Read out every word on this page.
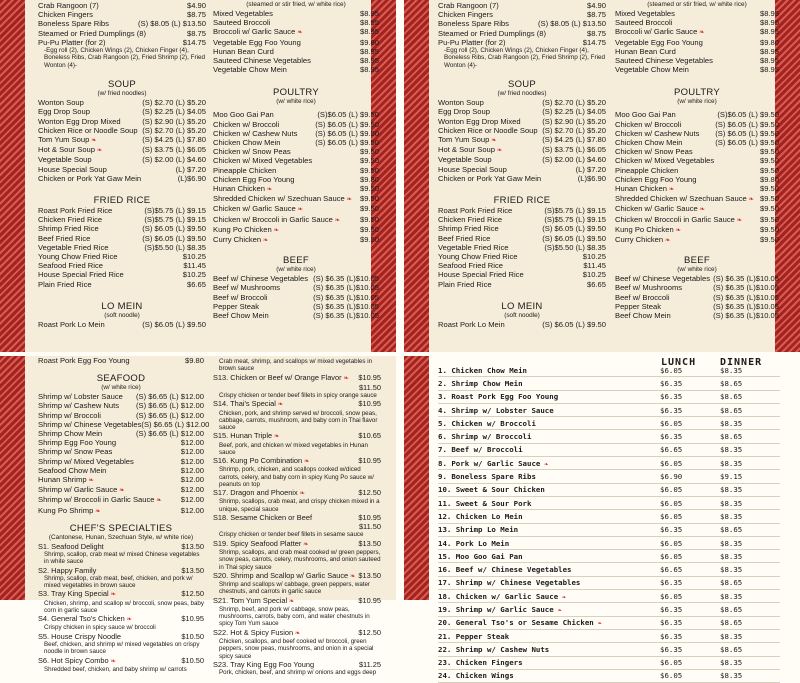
Crab Rangoon (7)	$4.90
Chicken Fingers	$8.75
Boneless Spare Ribs	(S) $8.05 (L) $13.50
Steamed or Fried Dumplings (8)	$8.75
Pu-Pu Platter (for 2)	$14.75
-Egg roll (2), Chicken Wings (2), Chicken Finger (4), Boneless Ribs, Crab Rangoon (2), Fried Shrimp (2), Fried Wonton (4)-
SOUP
(w/ fried noodles)
Wonton Soup	(S) $2.70 (L) $5.20
Egg Drop Soup	(S) $2.25 (L) $4.05
Wonton Egg Drop Mixed	(S) $2.90 (L) $5.20
Chicken Rice or Noodle Soup (S) $2.70 (L) $5.20
Tom Yum Soup ❧	(S) $4.25 (L) $7.80
Hot & Sour Soup ❧	(S) $3.75 (L) $6.05
Vegetable Soup	(S) $2.00 (L) $4.60
House Special Soup	(L) $7.20
Chicken or Pork Yat Gaw Mein	(L)$6.90
FRIED RICE
Roast Pork Fried Rice	(S)$5.75 (L) $9.15
Chicken Fried Rice	(S)$5.75 (L) $9.15
Shrimp Fried Rice	(S) $6.05 (L) $9.50
Beef Fried Rice	(S) $6.05 (L) $9.50
Vegetable Fried Rice	(S)$5.50 (L) $8.35
Young Chow Fried Rice	$10.25
Seafood Fried Rice	$11.45
House Special Fried Rice	$10.25
Plain Fried Rice	$6.65
LO MEIN
(soft noodle)
Roast Pork Lo Mein	(S) $6.05 (L) $9.50
(steamed or stir fried, w/ white rice)
Mixed Vegetables	$8.95
Sauteed Broccoli	$8.95
Broccoli w/ Garlic Sauce ❧	$8.95
Vegetable Egg Foo Young	$9.80
Hunan Bean Curd	$8.95
Sauteed Chinese Vegetables	$8.95
Vegetable Chow Mein	$8.95
POULTRY
(w/ white rice)
Moo Goo Gai Pan	(S)$6.05 (L) $9.50
Chicken w/ Broccoli	(S) $6.05 (L) $9.50
Chicken w/ Cashew Nuts (S) $6.05 (L) $9.50
Chicken Chow Mein	(S) $6.05 (L) $9.50
Chicken w/ Snow Peas	$9.50
Chicken w/ Mixed Vegetables	$9.50
Pineapple Chicken	$9.50
Chicken Egg Foo Young	$9.80
Hunan Chicken ❧	$9.50
Shredded Chicken w/ Szechuan Sauce ❧ $9.50
Chicken w/ Garlic Sauce ❧	$9.50
Chicken w/ Broccoli in Garlic Sauce ❧	$9.50
Kung Po Chicken ❧	$9.50
Curry Chicken ❧	$9.50
BEEF
(w/ white rice)
Beef w/ Chinese Vegetables (S) $6.35 (L)$10.05
Beef w/ Mushrooms	(S) $6.35 (L)$10.05
Beef w/ Broccoli	(S) $6.35 (L)$10.05
Pepper Steak	(S) $6.35 (L)$10.05
Beef Chow Mein	(S) $6.35 (L)$10.05
Crab Rangoon (7)	$4.90
Chicken Fingers	$8.75
Boneless Spare Ribs	(S) $8.05 (L) $13.50
Steamed or Fried Dumplings (8)	$8.75
Pu-Pu Platter (for 2)	$14.75
-Egg roll (2), Chicken Wings (2), Chicken Finger (4), Boneless Ribs, Crab Rangoon (2), Fried Shrimp (2), Fried Wonton (4)-
SOUP
(w/ fried noodles)
Wonton Soup	(S) $2.70 (L) $5.20
Egg Drop Soup	(S) $2.25 (L) $4.05
Wonton Egg Drop Mixed	(S) $2.90 (L) $5.20
Chicken Rice or Noodle Soup (S) $2.70 (L) $5.20
Tom Yum Soup ❧	(S) $4.25 (L) $7.80
Hot & Sour Soup ❧	(S) $3.75 (L) $6.05
Vegetable Soup	(S) $2.00 (L) $4.60
House Special Soup	(L) $7.20
Chicken or Pork Yat Gaw Mein	(L)$6.90
FRIED RICE
Roast Pork Fried Rice	(S)$5.75 (L) $9.15
Chicken Fried Rice	(S)$5.75 (L) $9.15
Shrimp Fried Rice	(S) $6.05 (L) $9.50
Beef Fried Rice	(S) $6.05 (L) $9.50
Vegetable Fried Rice	(S)$5.50 (L) $8.35
Young Chow Fried Rice	$10.25
Seafood Fried Rice	$11.45
House Special Fried Rice	$10.25
Plain Fried Rice	$6.65
LO MEIN
(soft noodle)
Roast Pork Lo Mein	(S) $6.05 (L) $9.50
(steamed or stir fried, w/ white rice)
Mixed Vegetables	$8.95
Sauteed Broccoli	$8.95
Broccoli w/ Garlic Sauce ❧	$8.95
Vegetable Egg Foo Young	$9.80
Hunan Bean Curd	$8.95
Sauteed Chinese Vegetables	$8.95
Vegetable Chow Mein	$8.95
POULTRY
(w/ white rice)
Moo Goo Gai Pan	(S)$6.05 (L) $9.50
Chicken w/ Broccoli	(S) $6.05 (L) $9.50
Chicken w/ Cashew Nuts (S) $6.05 (L) $9.50
Chicken Chow Mein	(S) $6.05 (L) $9.50
Chicken w/ Snow Peas	$9.50
Chicken w/ Mixed Vegetables	$9.50
Pineapple Chicken	$9.50
Chicken Egg Foo Young	$9.80
Hunan Chicken ❧	$9.50
Shredded Chicken w/ Szechuan Sauce ❧ $9.50
Chicken w/ Garlic Sauce ❧	$9.50
Chicken w/ Broccoli in Garlic Sauce ❧ $9.50
Kung Po Chicken ❧	$9.50
Curry Chicken ❧	$9.50
BEEF
(w/ white rice)
Beef w/ Chinese Vegetables (S) $6.35 (L)$10.05
Beef w/ Mushrooms	(S) $6.35 (L)$10.05
Beef w/ Broccoli	(S) $6.35 (L)$10.05
Pepper Steak	(S) $6.35 (L)$10.05
Beef Chow Mein	(S) $6.35 (L)$10.05
Roast Pork Egg Foo Young	$9.80
SEAFOOD
(w/ white rice)
Shrimp w/ Lobster Sauce (S) $6.65 (L) $12.00
Shrimp w/ Cashew Nuts (S) $6.65 (L) $12.00
Shrimp w/ Broccoli	(S) $6.65 (L) $12.00
Shrimp w/ Chinese Vegetables (S) $6.65 (L) $12.00
Shrimp Chow Mein	(S) $6.65 (L) $12.00
Shrimp Egg Foo Young	$12.00
Shrimp w/ Snow Peas	$12.00
Shrimp w/ Mixed Vegetables	$12.00
Seafood Chow Mein	$12.00
Hunan Shrimp ❧	$12.00
Shrimp w/ Garlic Sauce ❧	$12.00
Shrimp w/ Broccoli in Garlic Sauce ❧	$12.00
Kung Po Shrimp ❧	$12.00
CHEF'S SPECIALTIES
(Cantonese, Hunan, Szechuan Style, w/ white rice)
S1. Seafood Delight	$13.50
Shrimp, scallop, crab meat w/ mixed Chinese vegetables in white sauce
S2. Happy Family	$13.50
Shrimp, scallop, crab meat, beef, chicken, and pork w/ mixed vegetables in brown sauce
S3. Tray King Special ❧	$12.50
Chicken, shrimp, and scallop w/ broccoli, snow peas, baby corn in garlic sauce
S4. General Tso's Chicken ❧	$10.95
Crispy chicken in spicy sauce w/ broccoli
S5. House Crispy Noodle	$10.50
Beef, chicken, and shrimp w/ mixed vegetables on crispy noodle in brown sauce
S6. Hot Spicy Combo ❧	$10.50
Shredded beef, chicken, and baby shrimp w/ carrots
Crab meat, shrimp, and scallops w/ mixed vegetables in brown sauce
S13. Chicken or Beef w/ Orange Flavor ❧ $10.95
$11.50
Crispy chicken or tender beef fillets in spicy orange sauce
S14. Thai's Special ❧	$10.95
Chicken, pork, and shrimp served w/ broccoli, snow peas, cabbage, carrots, mushroom, and baby corn in Thai flavor sauce
S15. Hunan Triple ❧	$10.65
Beef, pork, and chicken w/ mixed vegetables in Hunan sauce
S16. Kung Po Combination ❧	$10.95
Shrimp, pork, chicken, and scallops cooked w/diced carrots, celery, and baby corn in spicy Kung Po sauce w/ peanuts on top
S17. Dragon and Phoenix ❧	$12.50
Shrimp, scallops, crab meat, and crispy chicken mixed in a unique, special sauce
S18. Sesame Chicken or Beef	$10.95
$11.50
Crispy chicken or tender beef fillets in sesame sauce
S19. Spicy Seafood Platter ❧	$13.50
Shrimp, scallops, and crab meat cooked w/ green peppers, snow peas, carrots, celery, mushrooms, and onion sauteed in Thai spicy sauce
S20. Shrimp and Scallop w/ Garlic Sauce ❧ $13.50
Shrimp and scallops w/ cabbage, green peppers, water chestnuts, and carrots in garlic sauce
S21. Tom Yum Special ❧	$10.95
Shrimp, beef, and pork w/ cabbage, snow peas, mushrooms, carrots, baby corn, and water chestnuts in spicy Tom Yum sauce
S22. Hot & Spicy Fusion ❧	$12.50
Chicken, scallops, and beef cooked w/ broccoli, green peppers, snow peas, mushrooms, and onion in a special spicy sauce
S23. Tray King Egg Foo Young	$11.25
Pork, chicken, beef, and shrimp w/ onions and eggs deep
LUNCH DINNER
1. Chicken Chow Mein	$6.05	$8.35
2. Shrimp Chow Mein	$6.35	$8.65
3. Roast Pork Egg Foo Young	$6.35	$8.65
4. Shrimp w/ Lobster Sauce	$6.35	$8.65
5. Chicken w/ Broccoli	$6.05	$8.35
6. Shrimp w/ Broccoli	$6.35	$8.65
7. Beef w/ Broccoli	$6.65	$8.35
8. Pork w/ Garlic Sauce ❧	$6.05	$8.35
9. Boneless Spare Ribs	$6.90	$9.15
10. Sweet & Sour Chicken	$6.05	$8.35
11. Sweet & Sour Pork	$6.05	$8.35
12. Chicken Lo Mein	$6.05	$8.35
13. Shrimp Lo Mein	$6.35	$8.65
14. Pork Lo Mein	$6.05	$8.35
15. Moo Goo Gai Pan	$6.05	$8.35
16. Beef w/ Chinese Vegetables	$6.65	$8.35
17. Shrimp w/ Chinese Vegetables	$6.35	$8.65
18. Chicken w/ Garlic Sauce ❧	$6.05	$8.35
19. Shrimp w/ Garlic Sauce ❧	$6.35	$8.65
20. General Tso's or Sesame Chicken ❧	$6.35	$8.65
21. Pepper Steak	$6.35	$8.35
22. Shrimp w/ Cashew Nuts	$6.35	$8.65
23. Chicken Fingers	$6.05	$8.35
24. Chicken Wings	$6.05	$8.35
